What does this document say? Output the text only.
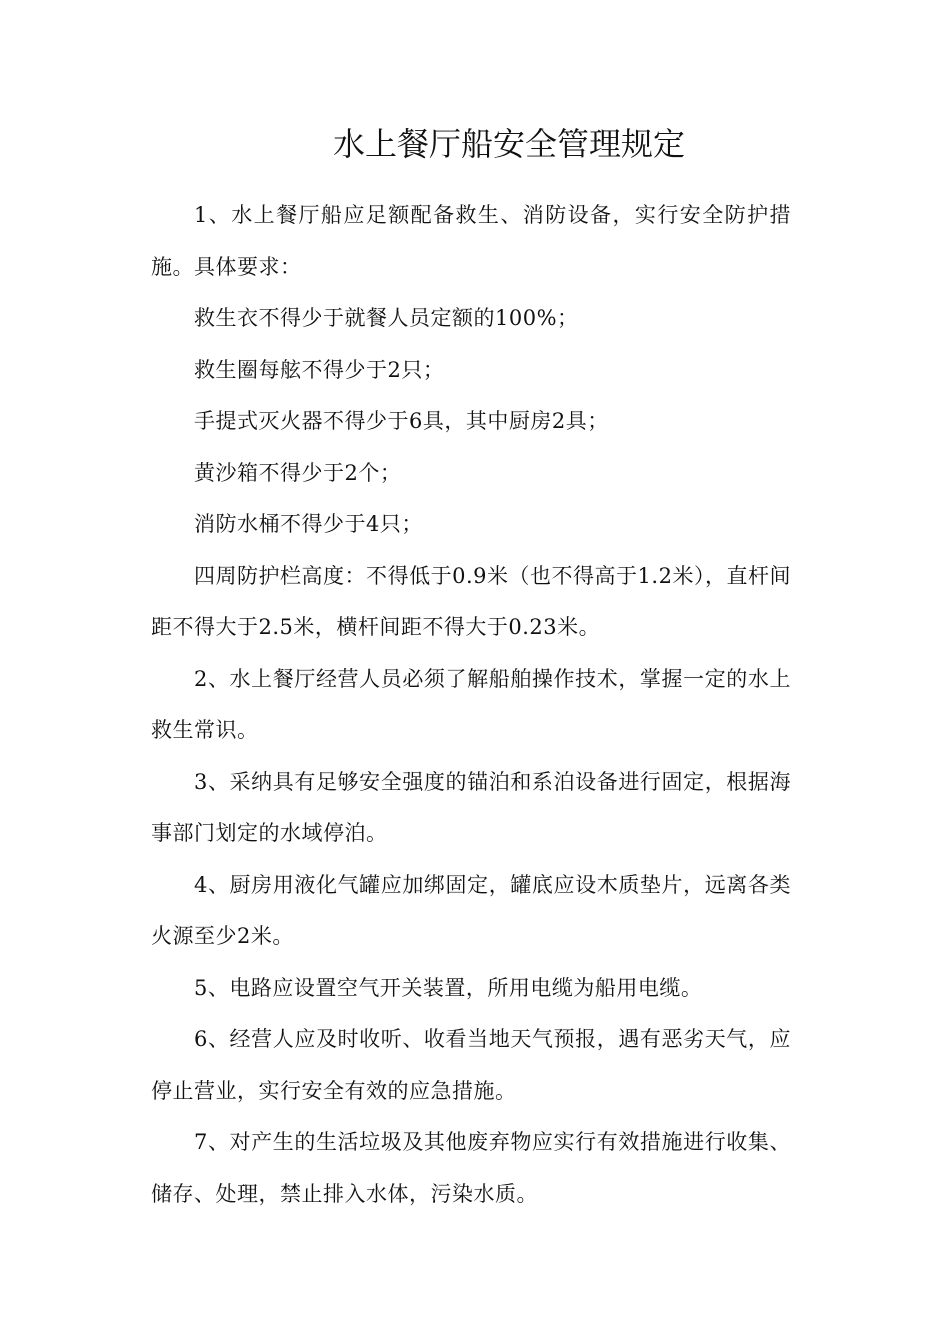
水上餐厅船安全管理规定

1、水上餐厅船应足额配备救生、消防设备，实行安全防护措施。具体要求：

救生衣不得少于就餐人员定额的100%；

救生圈每舷不得少于2只；

手提式灭火器不得少于6具，其中厨房2具；

黄沙箱不得少于2个；

消防水桶不得少于4只；

四周防护栏高度：不得低于0.9米（也不得高于1.2米），直杆间距不得大于2.5米，横杆间距不得大于0.23米。

2、水上餐厅经营人员必须了解船舶操作技术，掌握一定的水上救生常识。

3、采纳具有足够安全强度的锚泊和系泊设备进行固定，根据海事部门划定的水域停泊。

4、厨房用液化气罐应加绑固定，罐底应设木质垫片，远离各类火源至少2米。

5、电路应设置空气开关装置，所用电缆为船用电缆。

6、经营人应及时收听、收看当地天气预报，遇有恶劣天气，应停止营业，实行安全有效的应急措施。

7、对产生的生活垃圾及其他废弃物应实行有效措施进行收集、储存、处理，禁止排入水体，污染水质。
